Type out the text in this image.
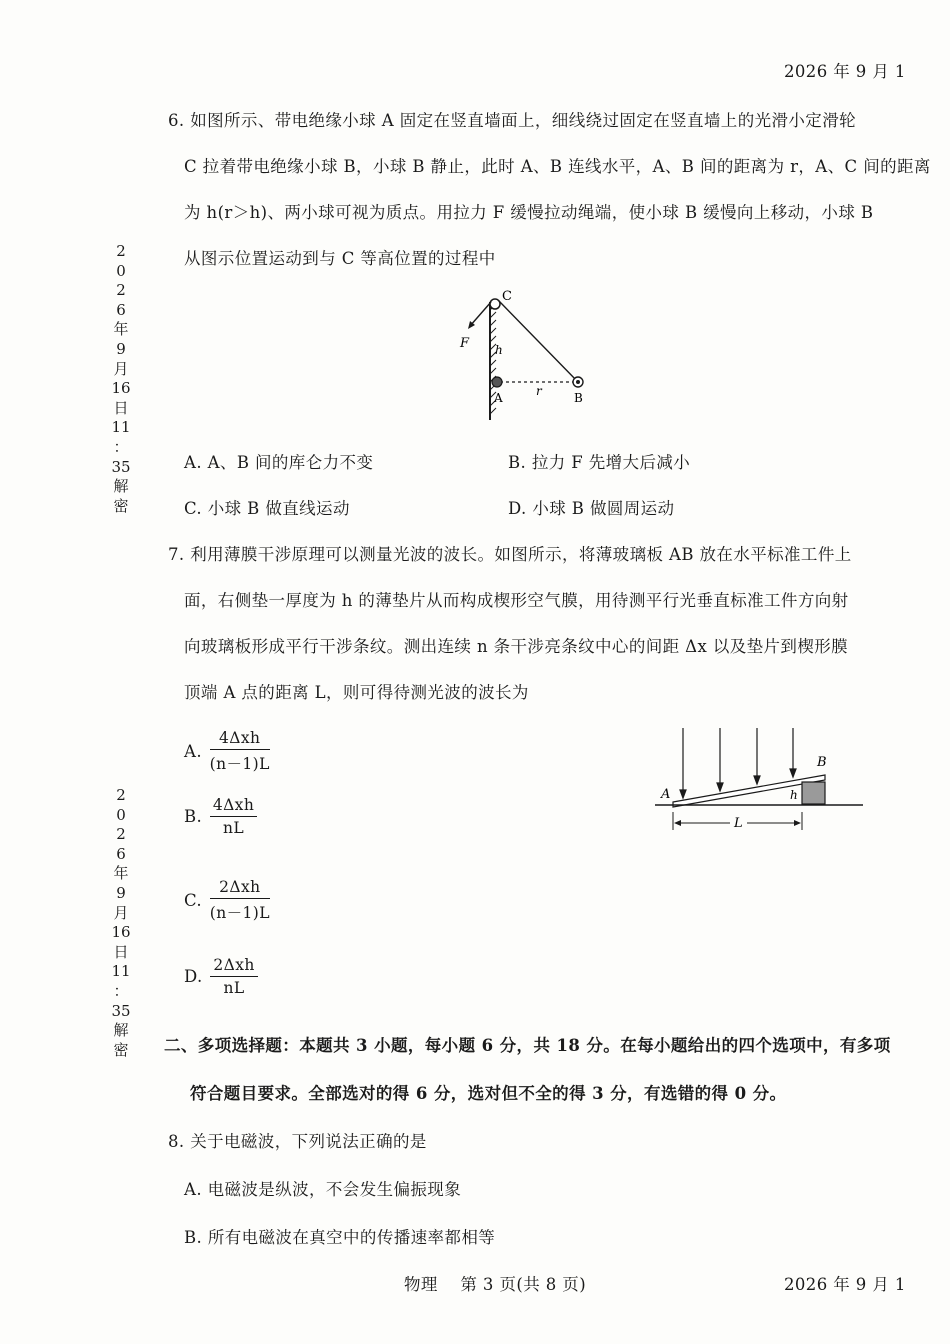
2026 年 9 月 1
2
0
2
6
年
9
月
16
日
11
：
35
解
密
2
0
2
6
年
9
月
16
日
11
：
35
解
密
6. 如图所示、带电绝缘小球 A 固定在竖直墙面上，细线绕过固定在竖直墙上的光滑小定滑轮
C 拉着带电绝缘小球 B，小球 B 静止，此时 A、B 连线水平，A、B 间的距离为 r，A、C 间的距离
为 h(r＞h)、两小球可视为质点。用拉力 F 缓慢拉动绳端，使小球 B 缓慢向上移动，小球 B
从图示位置运动到与 C 等高位置的过程中
C
F h
A	r	B
A. A、B 间的库仑力不变	B. 拉力 F 先增大后减小
C. 小球 B 做直线运动	D. 小球 B 做圆周运动
7. 利用薄膜干涉原理可以测量光波的波长。如图所示，将薄玻璃板 AB 放在水平标准工件上
面，右侧垫一厚度为 h 的薄垫片从而构成楔形空气膜，用待测平行光垂直标准工件方向射
向玻璃板形成平行干涉条纹。测出连续 n 条干涉亮条纹中心的间距 Δx 以及垫片到楔形膜
顶端 A 点的距离 L，则可得待测光波的波长为
A. $\frac{\text{4Δxh}}{(n-1)L}$
B. $\frac{\text{4Δxh}}{nL}$
C. $\frac{\text{2Δxh}}{(n-1)L}$
D. $\frac{\text{2Δxh}}{nL}$
A
B
h
L
二、多项选择题：本题共 3 小题，每小题 6 分，共 18 分。在每小题给出的四个选项中，有多项
符合题目要求。全部选对的得 6 分，选对但不全的得 3 分，有选错的得 0 分。
8. 关于电磁波，下列说法正确的是
A. 电磁波是纵波，不会发生偏振现象
B. 所有电磁波在真空中的传播速率都相等
物理    第 3 页(共 8 页)	2026 年 9 月 1
